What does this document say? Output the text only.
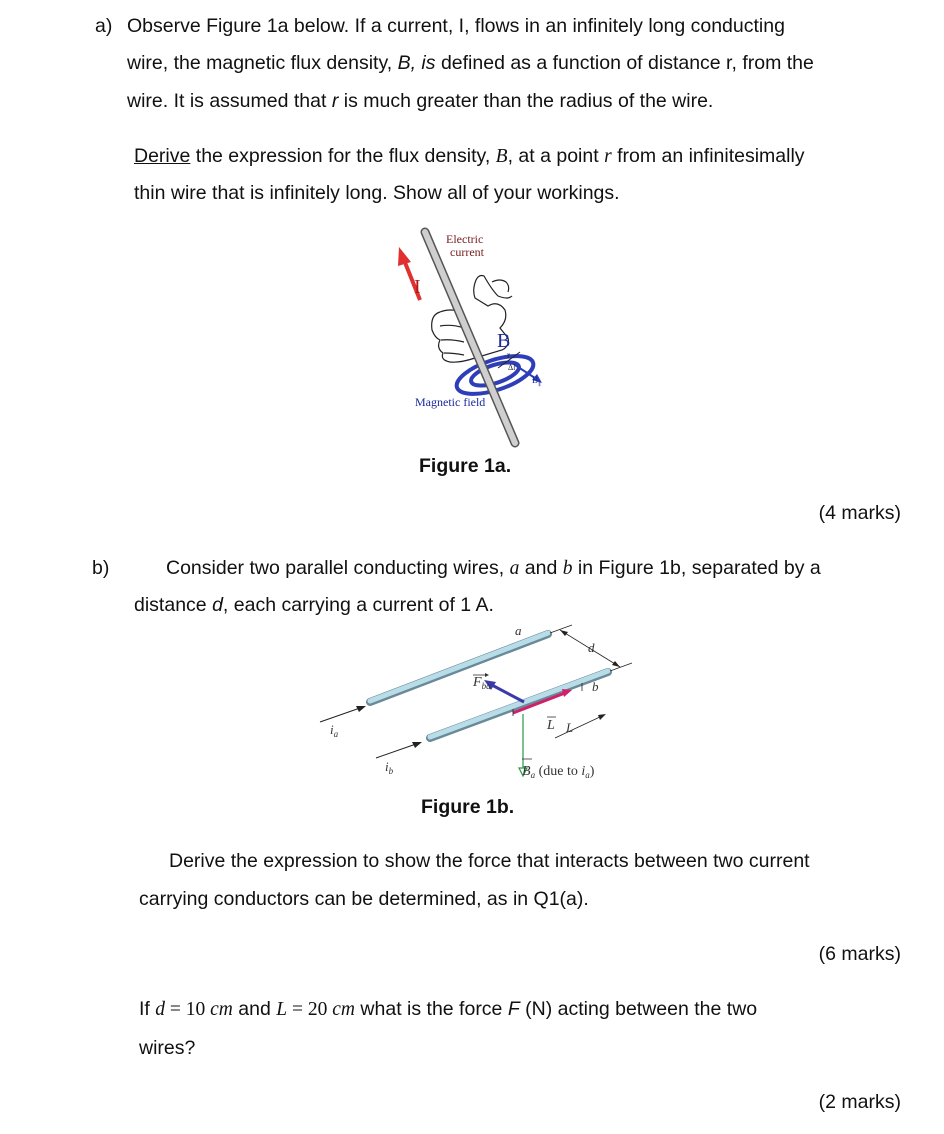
a) Observe Figure 1a below. If a current, I, flows in an infinitely long conducting
wire, the magnetic flux density, B, is defined as a function of distance r, from the
wire. It is assumed that r is much greater than the radius of the wire.
Derive the expression for the flux density, B, at a point r from an infinitesimally
thin wire that is infinitely long. Show all of your workings.
Electric
current
I
B
r
Δl
$B_\parallel$
Magnetic field
Figure 1a.
(4 marks)
b)	Consider two parallel conducting wires, a and b in Figure 1b, separated by a
distance d, each carrying a current of 1 A.
a
d
b
$i_a$
$i_b$
$F_{ba}$
L L
$B_a$ (due to $i_a$)
Figure 1b.
Derive the expression to show the force that interacts between two current
carrying conductors can be determined, as in Q1(a).
(6 marks)
If d = 10 cm and L = 20 cm what is the force F (N) acting between the two
wires?
(2 marks)
